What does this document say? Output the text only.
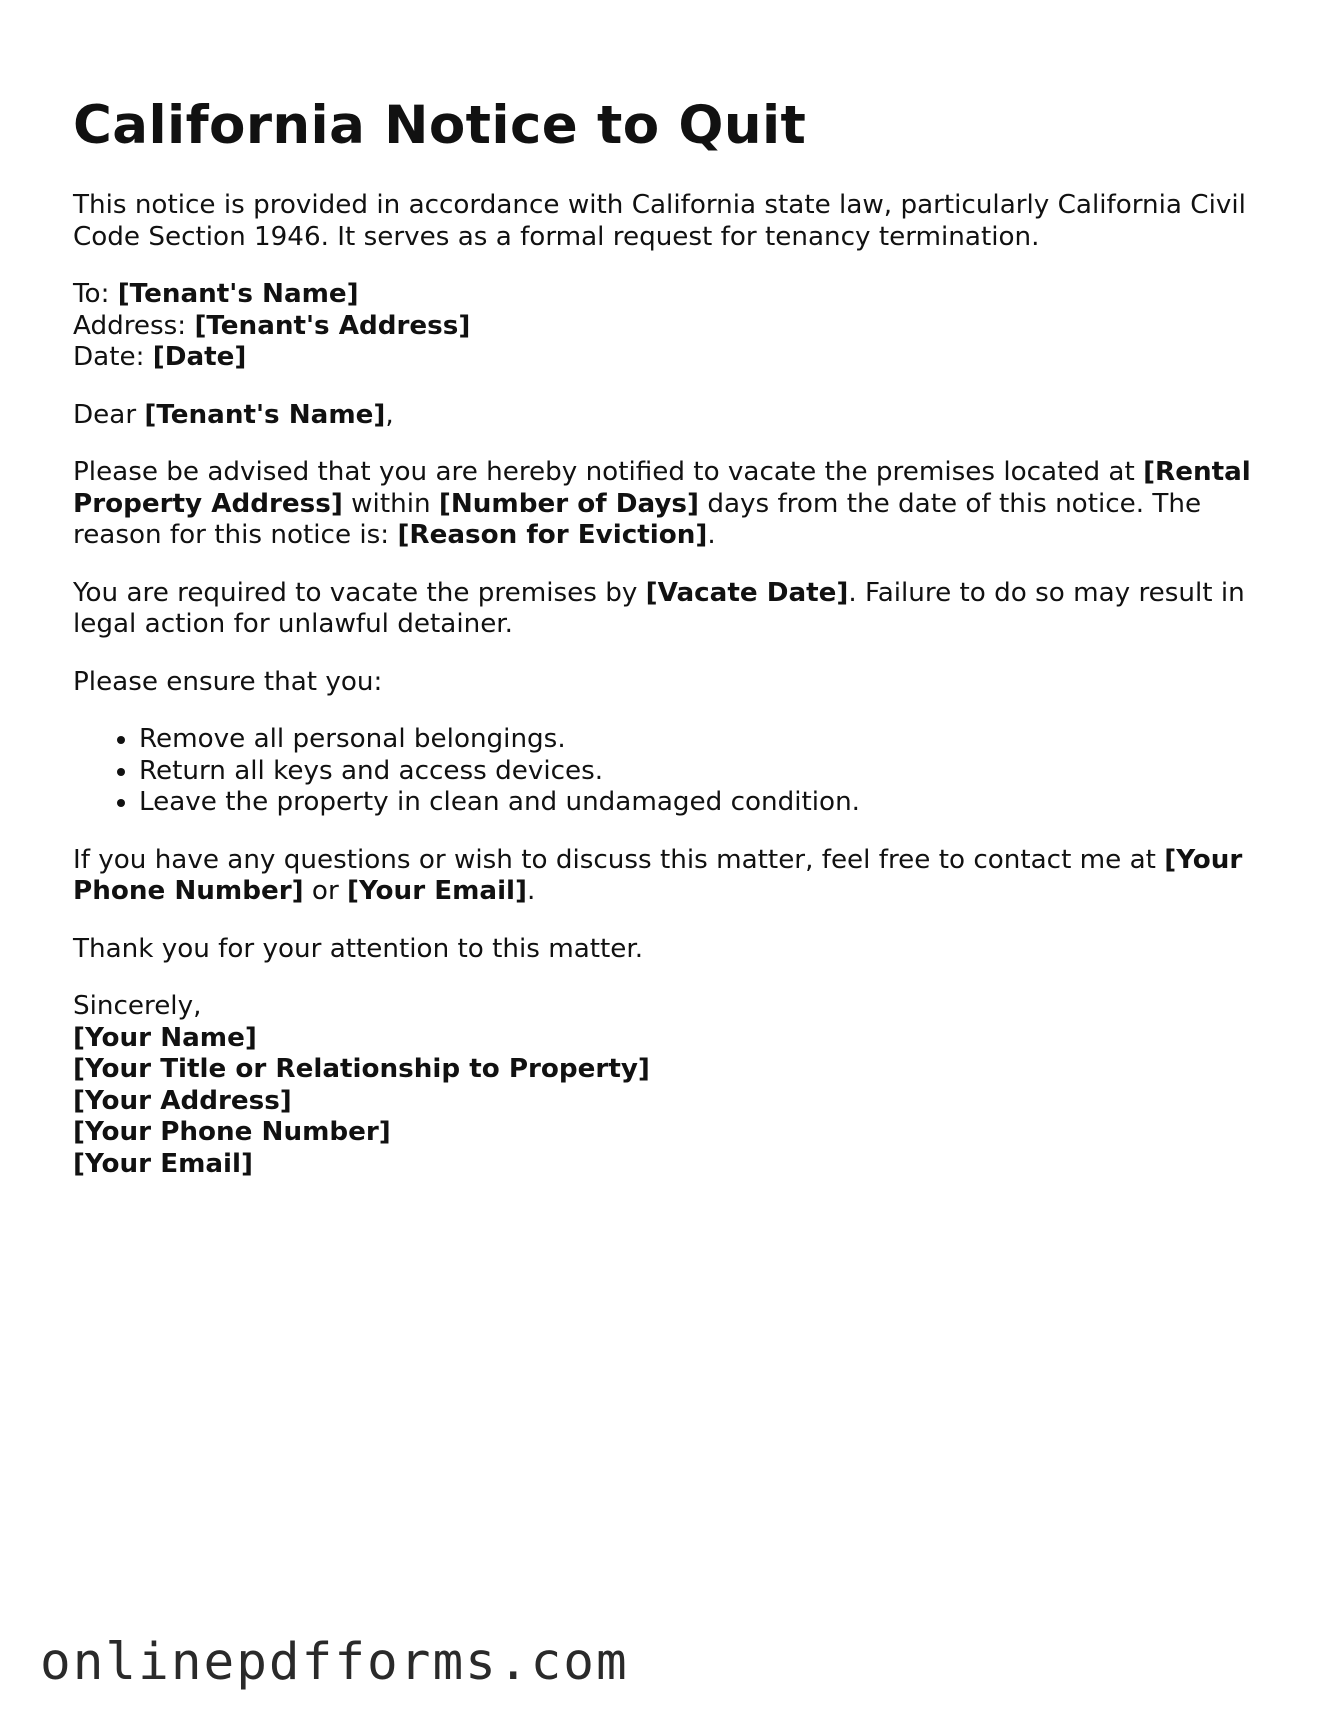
California Notice to Quit

This notice is provided in accordance with California state law, particularly California Civil Code Section 1946. It serves as a formal request for tenancy termination.

To: [Tenant's Name]
Address: [Tenant's Address]
Date: [Date]

Dear [Tenant's Name],

Please be advised that you are hereby notified to vacate the premises located at [Rental Property Address] within [Number of Days] days from the date of this notice. The reason for this notice is: [Reason for Eviction].

You are required to vacate the premises by [Vacate Date]. Failure to do so may result in legal action for unlawful detainer.

Please ensure that you:

• Remove all personal belongings.
• Return all keys and access devices.
• Leave the property in clean and undamaged condition.

If you have any questions or wish to discuss this matter, feel free to contact me at [Your Phone Number] or [Your Email].

Thank you for your attention to this matter.

Sincerely,

[Your Name]
[Your Title or Relationship to Property]
[Your Address]
[Your Phone Number]
[Your Email]

onlinepdfforms.com
